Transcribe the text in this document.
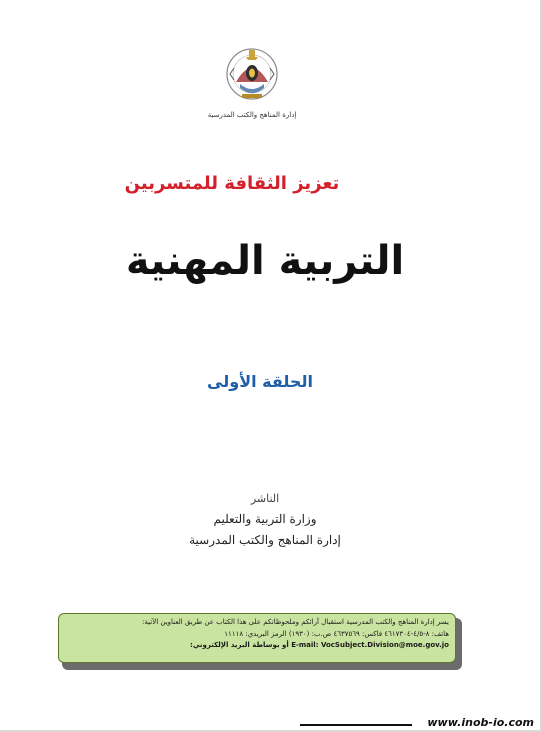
إدارة المناهج والكتب المدرسية
تعزيز الثقافة للمتسربين
التربية المهنية
الحلقة الأولى
الناشر
وزارة التربية والتعليم
إدارة المناهج والكتب المدرسية
يسر إدارة المناهج والكتب المدرسية استقبال آرائكم وملحوظاتكم على هذا الكتاب عن طريق العناوين الآتية:
هاتف: ٨-٤/٥-٤٦١٧٣٠٤ فاكس: ٤٦٣٧٥٦٩ ص.ب: (١٩٣٠) الرمز البريدي: ١١١١٨
E-mail: VocSubject.Division@moe.gov.jo أو بوساطة البريد الإلكتروني:
www.inob-io.com
